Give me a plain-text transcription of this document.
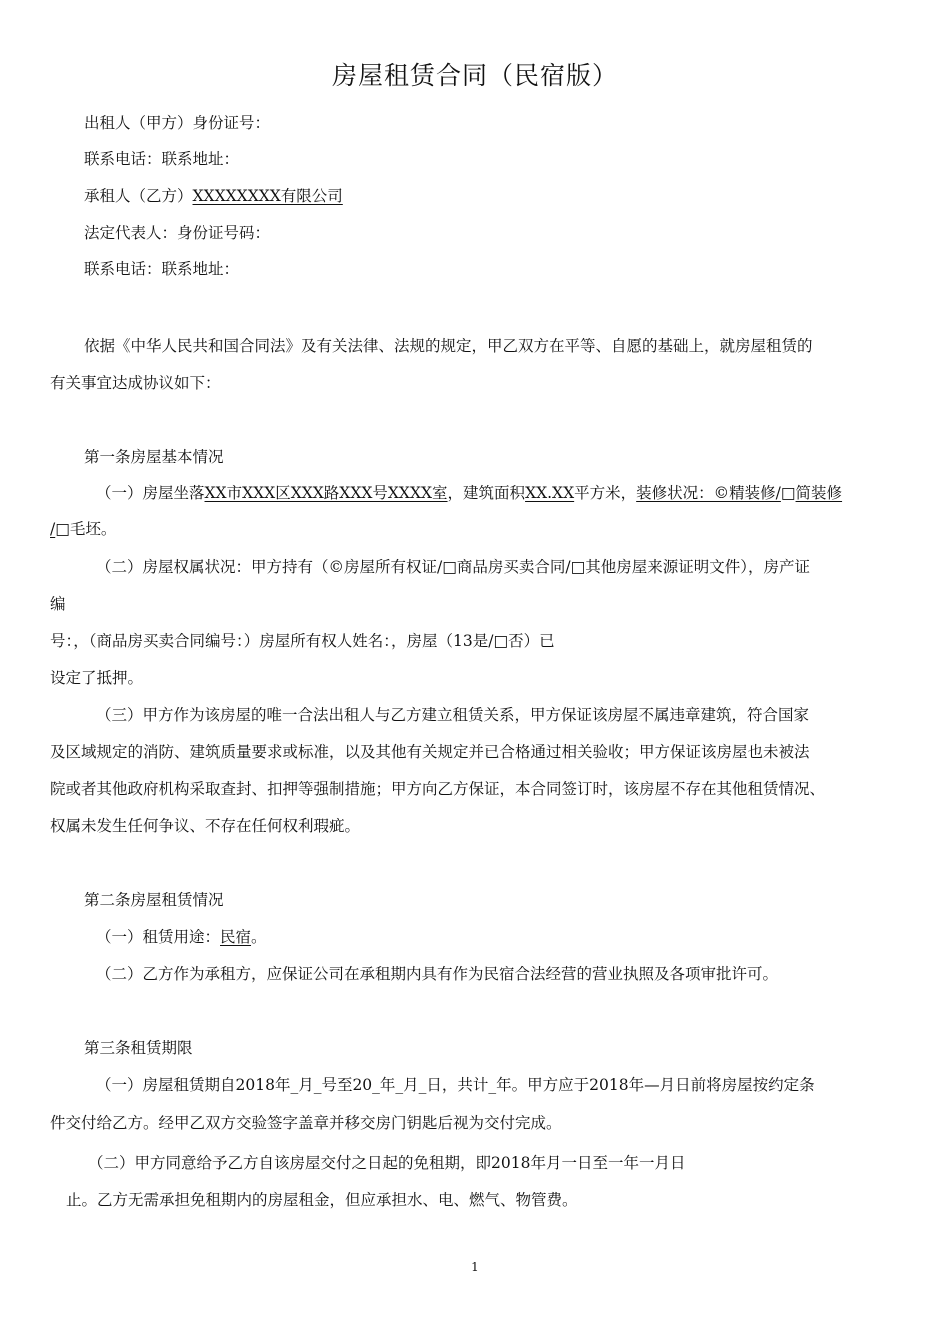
房屋租赁合同（民宿版）
出租人（甲方）身份证号：
联系电话：联系地址：
承租人（乙方）XXXXXXXX有限公司
法定代表人：身份证号码：
联系电话：联系地址：
依据《中华人民共和国合同法》及有关法律、法规的规定，甲乙双方在平等、自愿的基础上，就房屋租赁的
有关事宜达成协议如下：
第一条房屋基本情况
（一）房屋坐落XX市XXX区XXX路XXX号XXXX室，建筑面积XX.XX平方米，装修状况：©精装修/□简装修
/□毛坯。
（二）房屋权属状况：甲方持有（©房屋所有权证/□商品房买卖合同/□其他房屋来源证明文件），房产证
编
号：，（商品房买卖合同编号：）房屋所有权人姓名：，房屋（13是/□否）已
设定了抵押。
（三）甲方作为该房屋的唯一合法出租人与乙方建立租赁关系，甲方保证该房屋不属违章建筑，符合国家
及区域规定的消防、建筑质量要求或标准，以及其他有关规定并已合格通过相关验收；甲方保证该房屋也未被法
院或者其他政府机构采取查封、扣押等强制措施；甲方向乙方保证，本合同签订时，该房屋不存在其他租赁情况、
权属未发生任何争议、不存在任何权利瑕疵。
第二条房屋租赁情况
（一）租赁用途：民宿。
（二）乙方作为承租方，应保证公司在承租期内具有作为民宿合法经营的营业执照及各项审批许可。
第三条租赁期限
（一）房屋租赁期自2018年_月_号至20_年_月_日，共计_年。甲方应于2018年—月日前将房屋按约定条
件交付给乙方。经甲乙双方交验签字盖章并移交房门钥匙后视为交付完成。
（二）甲方同意给予乙方自该房屋交付之日起的免租期，即2018年月一日至一年一月日
止。乙方无需承担免租期内的房屋租金，但应承担水、电、燃气、物管费。
1
